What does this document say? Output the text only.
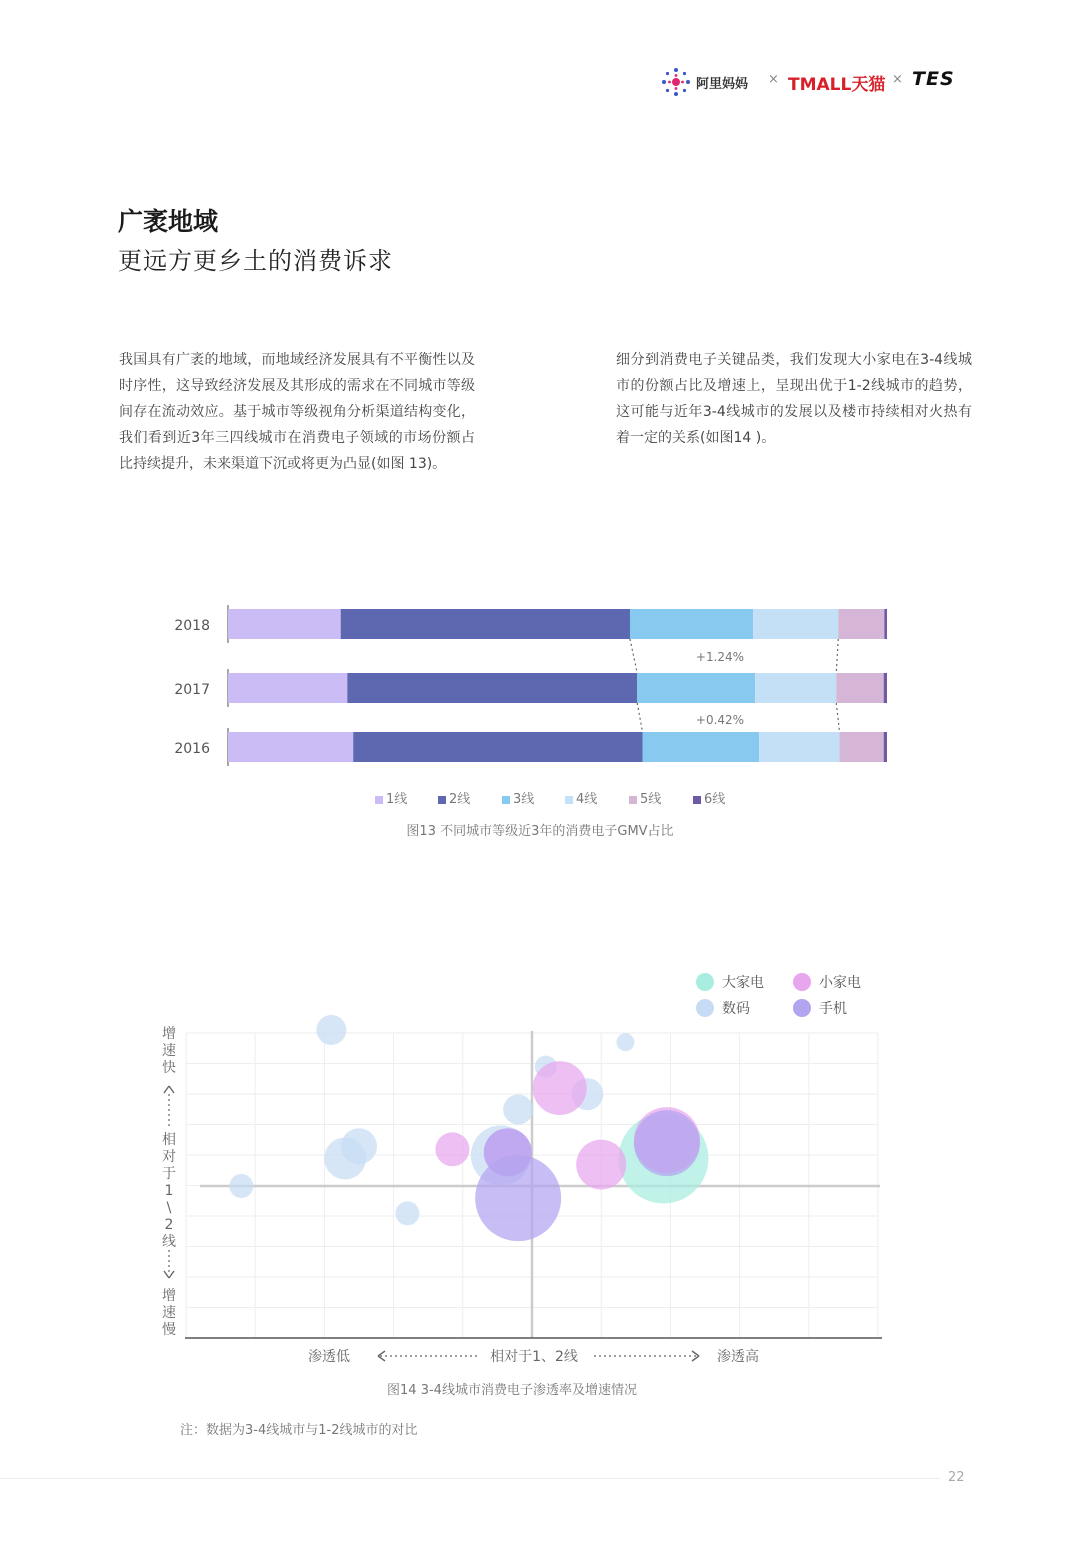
阿里妈妈 × TMALL天猫 × TES
广袤地域
更远方更乡土的消费诉求
我国具有广袤的地域，而地域经济发展具有不平衡性以及时序性，这导致经济发展及其形成的需求在不同城市等级间存在流动效应。基于城市等级视角分析渠道结构变化，我们看到近3年三四线城市在消费电子领域的市场份额占比持续提升，未来渠道下沉或将更为凸显(如图 13)。
细分到消费电子关键品类，我们发现大小家电在3-4线城市的份额占比及增速上，呈现出优于1-2线城市的趋势，这可能与近年3-4线城市的发展以及楼市持续相对火热有着一定的关系(如图14 )。
2018
2017
2016
+1.24%
+0.42%
1线	2线	3线	4线	5线	6线
图13 不同城市等级近3年的消费电子GMV占比
大家电	小家电
数码	手机
渗透低	相对于1、2线	渗透高
增速快
相对于 1 \ 2 线
增速慢
图14 3-4线城市消费电子渗透率及增速情况
注：数据为3-4线城市与1-2线城市的对比
22
